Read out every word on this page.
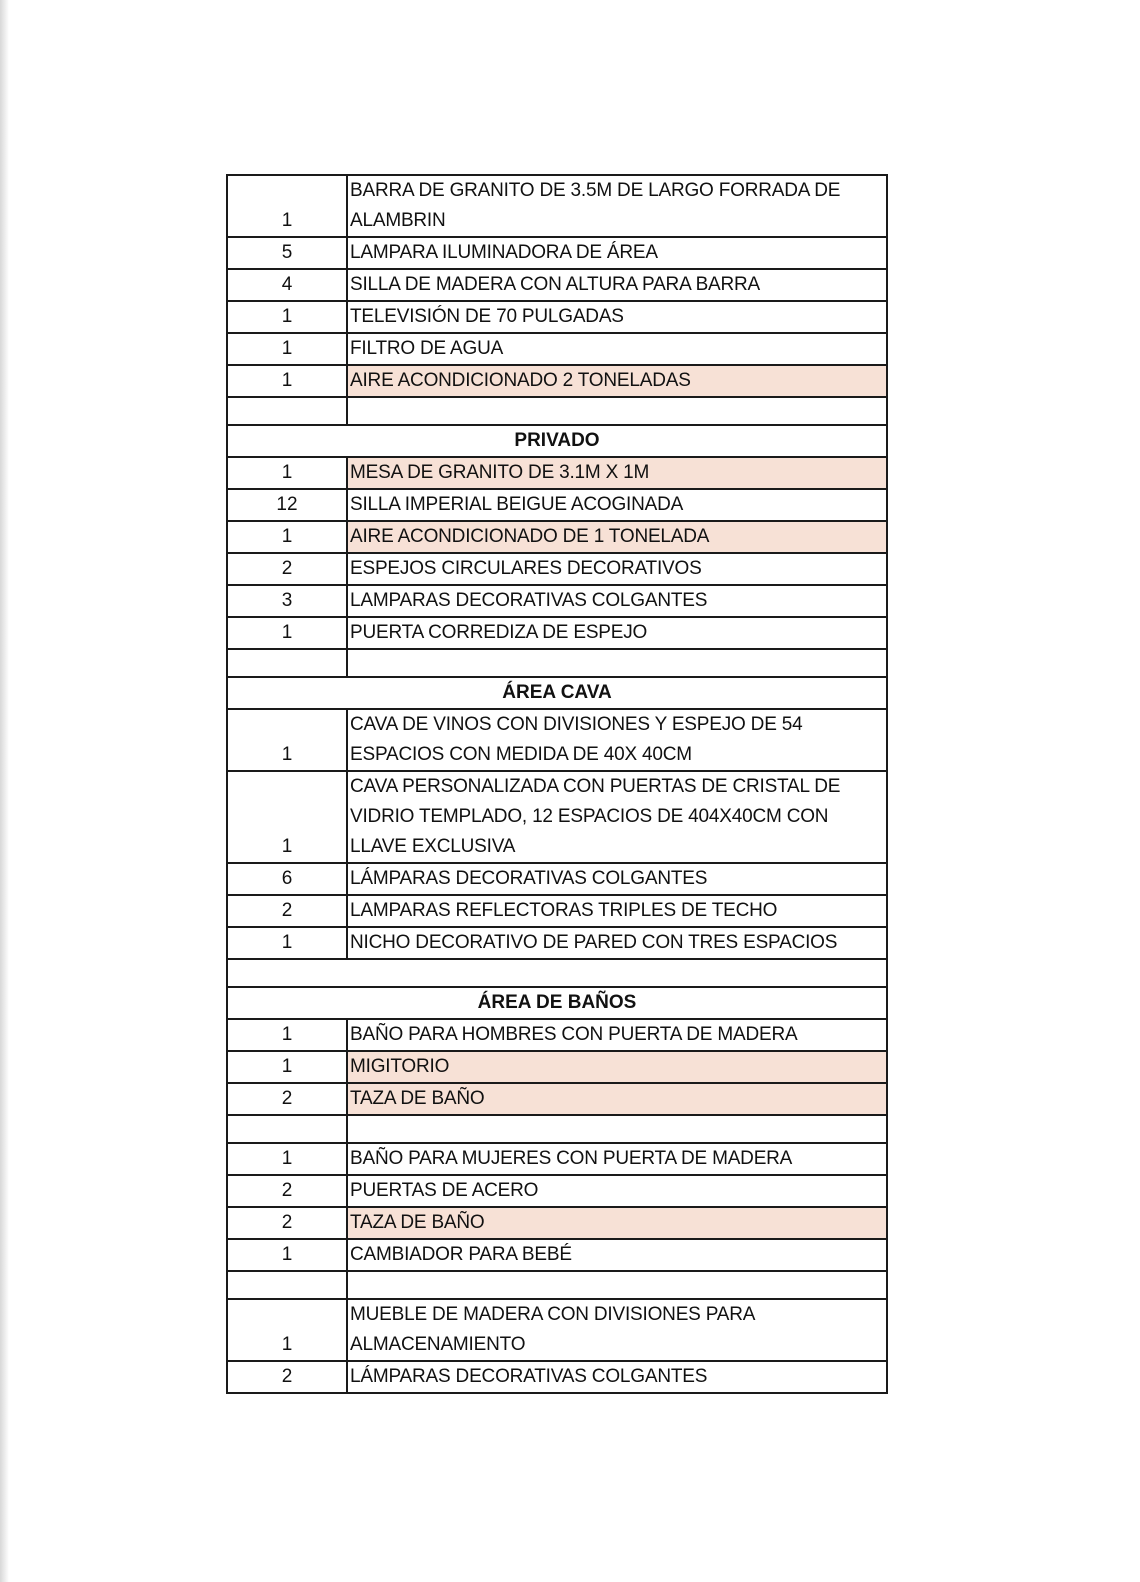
1	BARRA DE GRANITO DE 3.5M DE LARGO FORRADA DE ALAMBRIN
5	LAMPARA ILUMINADORA DE ÁREA
4	SILLA DE MADERA CON ALTURA PARA BARRA
1	TELEVISIÓN DE 70 PULGADAS
1	FILTRO DE AGUA
1	AIRE ACONDICIONADO 2 TONELADAS

PRIVADO	
1	MESA DE GRANITO DE 3.1M X 1M
12	SILLA IMPERIAL BEIGUE ACOGINADA
1	AIRE ACONDICIONADO DE 1 TONELADA
2	ESPEJOS CIRCULARES DECORATIVOS
3	LAMPARAS DECORATIVAS COLGANTES
1	PUERTA CORREDIZA DE ESPEJO

ÁREA CAVA	
1	CAVA DE VINOS CON DIVISIONES Y ESPEJO DE 54 ESPACIOS CON MEDIDA DE 40X 40CM
1	CAVA PERSONALIZADA CON PUERTAS DE CRISTAL DE VIDRIO TEMPLADO, 12 ESPACIOS DE 404X40CM CON LLAVE EXCLUSIVA
6	LÁMPARAS DECORATIVAS COLGANTES
2	LAMPARAS REFLECTORAS TRIPLES DE TECHO
1	NICHO DECORATIVO DE PARED CON TRES ESPACIOS

ÁREA DE BAÑOS	
1	BAÑO PARA HOMBRES CON PUERTA DE MADERA
1	MIGITORIO
2	TAZA DE BAÑO

1	BAÑO PARA MUJERES CON PUERTA DE MADERA
2	PUERTAS DE ACERO
2	TAZA DE BAÑO
1	CAMBIADOR PARA BEBÉ

1	MUEBLE DE MADERA CON DIVISIONES PARA ALMACENAMIENTO
2	LÁMPARAS DECORATIVAS COLGANTES
